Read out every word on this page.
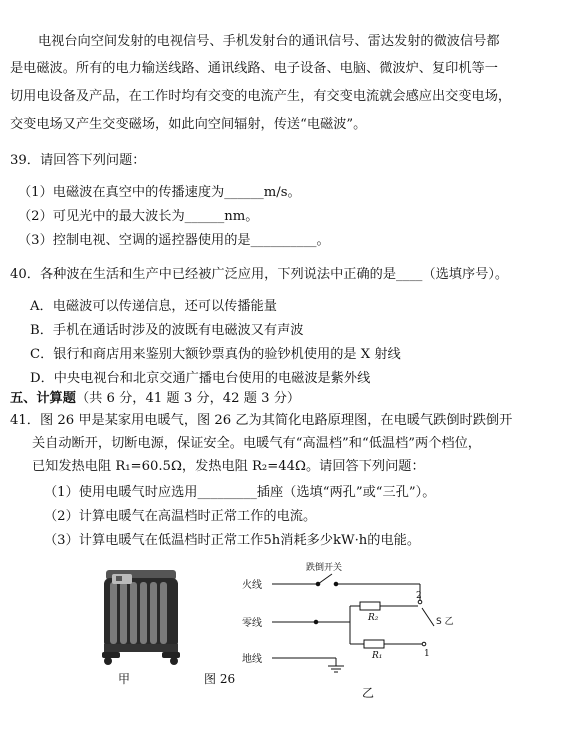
电视台向空间发射的电视信号、手机发射台的通讯信号、雷达发射的微波信号都
是电磁波。所有的电力输送线路、通讯线路、电子设备、电脑、微波炉、复印机等一
切用电设备及产品，在工作时均有交变的电流产生，有交变电流就会感应出交变电场，
交变电场又产生交变磁场，如此向空间辐射，传送“电磁波”。
39．请回答下列问题：
（1）电磁波在真空中的传播速度为______m/s。
（2）可见光中的最大波长为______nm。
（3）控制电视、空调的遥控器使用的是__________。
40．各种波在生活和生产中已经被广泛应用，下列说法中正确的是____（选填序号）。
A．电磁波可以传递信息，还可以传播能量
B．手机在通话时涉及的波既有电磁波又有声波
C．银行和商店用来鉴别大额钞票真伪的验钞机使用的是 X 射线
D．中央电视台和北京交通广播电台使用的电磁波是紫外线
五、计算题（共 6 分，41 题 3 分，42 题 3 分）
41．图 26 甲是某家用电暖气，图 26 乙为其简化电路原理图，在电暖气跌倒时跌倒开
关自动断开，切断电源，保证安全。电暖气有“高温档”和“低温档”两个档位，
已知发热电阻 R₁=60.5Ω，发热电阻 R₂=44Ω。请回答下列问题：
（1）使用电暖气时应选用_________插座（选填“两孔”或“三孔”）。
（2）计算电暖气在高温档时正常工作的电流。
（3）计算电暖气在低温档时正常工作5h消耗多少kW·h的电能。
甲	图 26
火线
零线
地线
跌倒开关
R₂
R₁
2
1
S 乙
乙
